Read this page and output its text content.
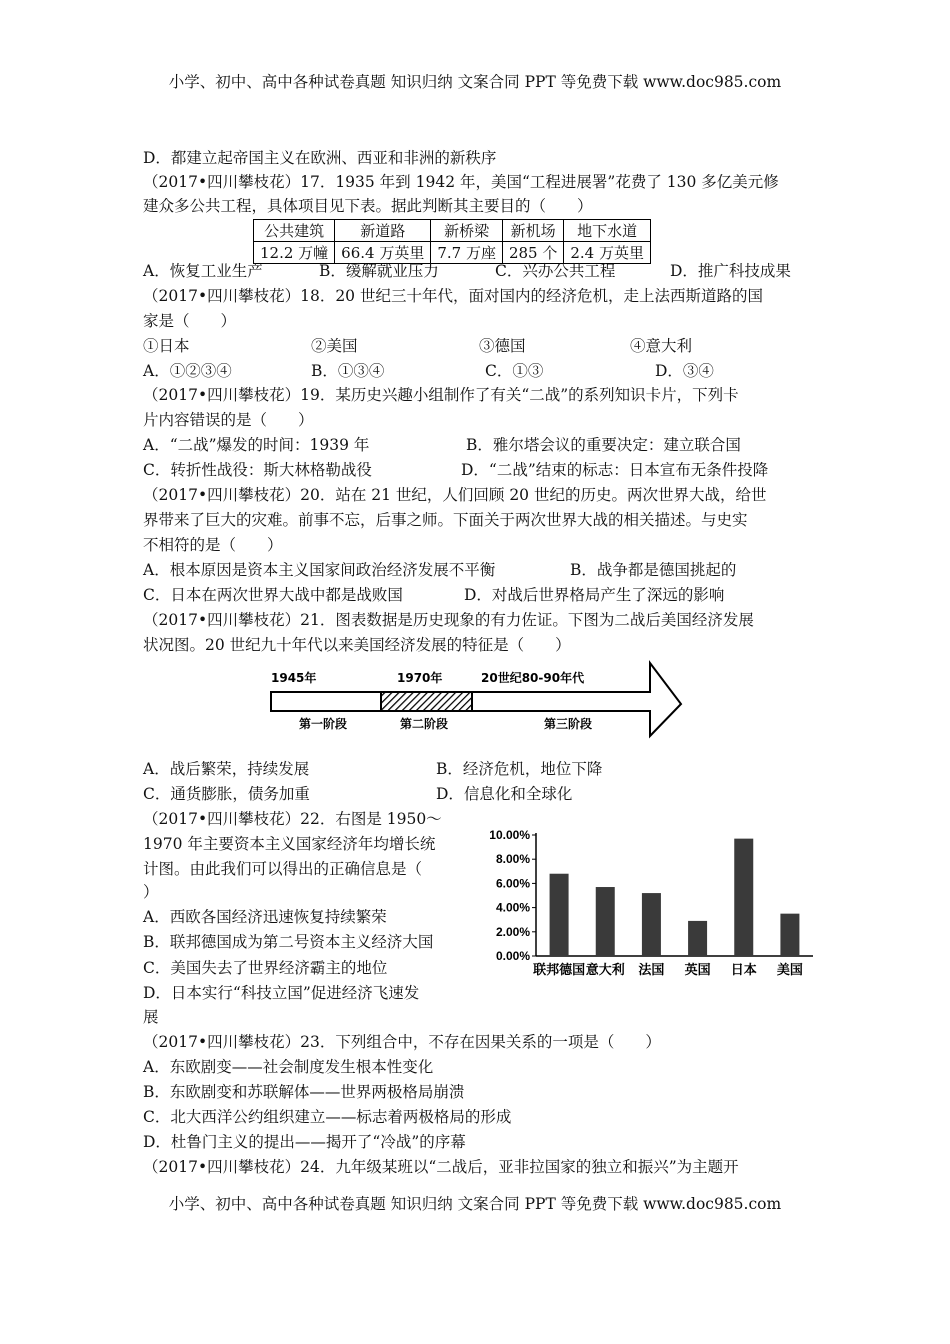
小学、初中、高中各种试卷真题 知识归纳 文案合同 PPT 等免费下载 www.doc985.com
D．都建立起帝国主义在欧洲、西亚和非洲的新秩序
（2017•四川攀枝花）17．1935 年到 1942 年，美国“工程进展署”花费了 130 多亿美元修
建众多公共工程，具体项目见下表。据此判断其主要目的（　　）
公共建筑	新道路	新桥梁	新机场	地下水道
12.2 万幢	66.4 万英里	7.7 万座	285 个	2.4 万英里
A．恢复工业生产	B．缓解就业压力	C．兴办公共工程	D．推广科技成果
（2017•四川攀枝花）18．20 世纪三十年代，面对国内的经济危机，走上法西斯道路的国
家是（　　）
①日本	②美国	③德国	④意大利
A．①②③④	B．①③④	C．①③	D．③④
（2017•四川攀枝花）19．某历史兴趣小组制作了有关“二战”的系列知识卡片，下列卡
片内容错误的是（　　）
A．“二战”爆发的时间：1939 年	B．雅尔塔会议的重要决定：建立联合国
C．转折性战役：斯大林格勒战役	D．“二战”结束的标志：日本宣布无条件投降
（2017•四川攀枝花）20．站在 21 世纪，人们回顾 20 世纪的历史。两次世界大战，给世
界带来了巨大的灾难。前事不忘，后事之师。下面关于两次世界大战的相关描述。与史实
不相符的是（　　）
A．根本原因是资本主义国家间政治经济发展不平衡	B．战争都是德国挑起的
C．日本在两次世界大战中都是战败国	D．对战后世界格局产生了深远的影响
（2017•四川攀枝花）21．图表数据是历史现象的有力佐证。下图为二战后美国经济发展
状况图。20 世纪九十年代以来美国经济发展的特征是（　　）
1945年	1970年	20世纪80-90年代
第一阶段	第二阶段	第三阶段
A．战后繁荣，持续发展	B．经济危机，地位下降
C．通货膨胀，债务加重	D．信息化和全球化
（2017•四川攀枝花）22．右图是 1950～
1970 年主要资本主义国家经济年均增长统
计图。由此我们可以得出的正确信息是（
）
A．西欧各国经济迅速恢复持续繁荣
B．联邦德国成为第二号资本主义经济大国
C．美国失去了世界经济霸主的地位
D．日本实行“科技立国”促进经济飞速发
展
0.00%
2.00%
4.00%
6.00%
8.00%
10.00%
联邦德国 意大利 法国 英国 日本 美国
（2017•四川攀枝花）23．下列组合中，不存在因果关系的一项是（　　）
A．东欧剧变——社会制度发生根本性变化
B．东欧剧变和苏联解体——世界两极格局崩溃
C．北大西洋公约组织建立——标志着两极格局的形成
D．杜鲁门主义的提出——揭开了“冷战”的序幕
（2017•四川攀枝花）24．九年级某班以“二战后，亚非拉国家的独立和振兴”为主题开
小学、初中、高中各种试卷真题 知识归纳 文案合同 PPT 等免费下载 www.doc985.com
